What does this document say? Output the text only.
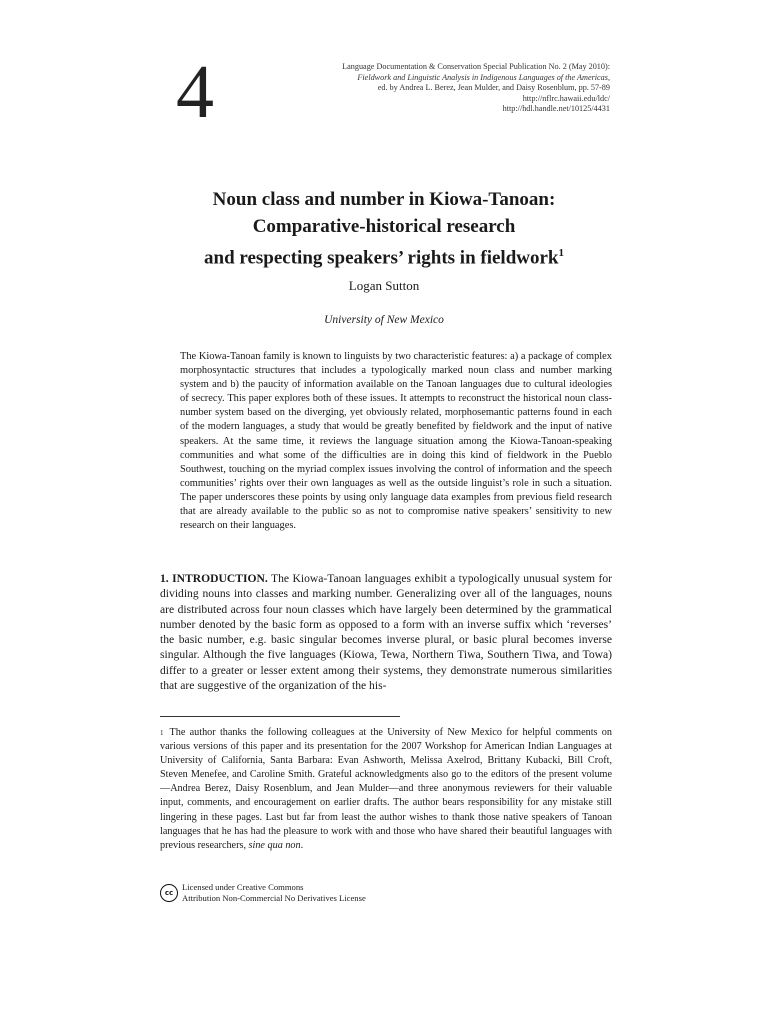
4	Language Documentation & Conservation Special Publication No. 2 (May 2010):
Fieldwork and Linguistic Analysis in Indigenous Languages of the Americas,
ed. by Andrea L. Berez, Jean Mulder, and Daisy Rosenblum, pp. 57-89
http://nflrc.hawaii.edu/ldc/
http://hdl.handle.net/10125/4431
Noun class and number in Kiowa-Tanoan:
Comparative-historical research
and respecting speakers’ rights in fieldwork$^1$
Logan Sutton
University of New Mexico

The Kiowa-Tanoan family is known to linguists by two characteristic features: a) a package of complex morphosyntactic structures that includes a typologically marked noun class and number marking system and b) the paucity of information available on the Tanoan languages due to cultural ideologies of secrecy. This paper explores both of these issues. It attempts to reconstruct the historical noun class-number system based on the diverging, yet obviously related, morphosemantic patterns found in each of the modern languages, a study that would be greatly benefited by fieldwork and the input of native speakers. At the same time, it reviews the language situation among the Kiowa-Tanoan-speaking communities and what some of the difficulties are in doing this kind of fieldwork in the Pueblo Southwest, touching on the myriad complex issues involving the control of information and the speech communities’ rights over their own languages as well as the outside linguist’s role in such a situation. The paper underscores these points by using only language data examples from previous field research that are already available to the public so as not to compromise native speakers’ sensitivity to new research on their languages.

1. INTRODUCTION. The Kiowa-Tanoan languages exhibit a typologically unusual system for dividing nouns into classes and marking number. Generalizing over all of the languages, nouns are distributed across four noun classes which have largely been determined by the grammatical number denoted by the basic form as opposed to a form with an inverse suffix which ‘reverses’ the basic number, e.g. basic singular becomes inverse plural, or basic plural becomes inverse singular. Although the five languages (Kiowa, Tewa, Northern Tiwa, Southern Tiwa, and Towa) differ to a greater or lesser extent among their systems, they demonstrate numerous similarities that are suggestive of the organization of the his-

$^1$ The author thanks the following colleagues at the University of New Mexico for helpful comments on various versions of this paper and its presentation for the 2007 Workshop for American Indian Languages at University of California, Santa Barbara: Evan Ashworth, Melissa Axelrod, Brittany Kubacki, Bill Croft, Steven Menefee, and Caroline Smith. Grateful acknowledgments also go to the editors of the present volume—Andrea Berez, Daisy Rosenblum, and Jean Mulder—and three anonymous reviewers for their valuable input, comments, and encouragement on earlier drafts. The author bears responsibility for any mistake still lingering in these pages. Last but far from least the author wishes to thank those native speakers of Tanoan languages that he has had the pleasure to work with and those who have shared their beautiful languages with previous researchers, sine qua non.

cc
Licensed under Creative Commons
Attribution Non-Commercial No Derivatives License
